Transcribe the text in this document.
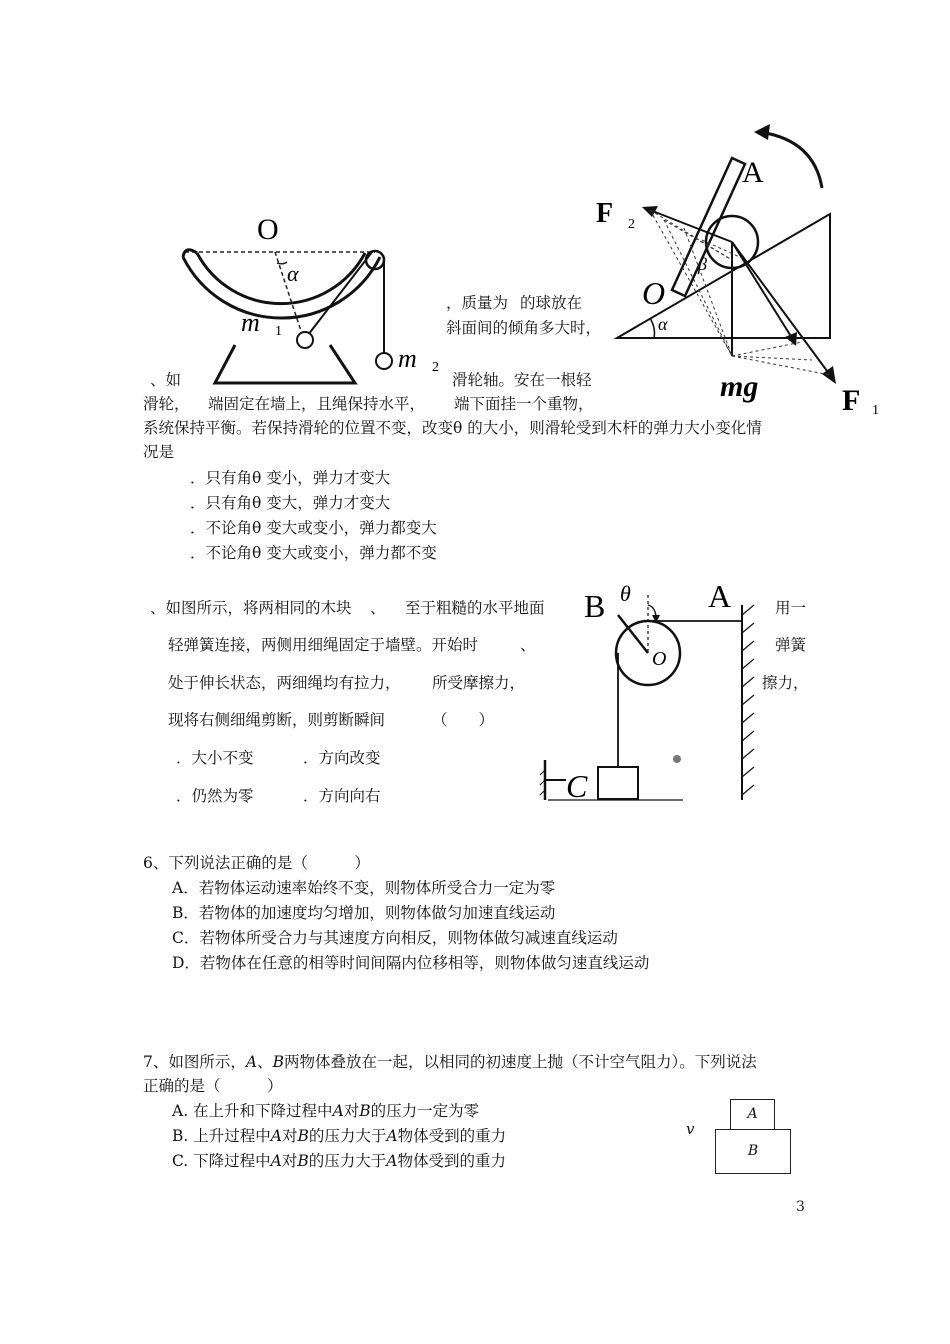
O
α
m 1
m 2
A
F 2
O
β
α
mg	F 1
，质量为 的球放在
斜面间的倾角多大时，
、如	滑轮轴。安在一根轻
滑轮， 端固定在墙上，且绳保持水平， 端下面挂一个重物，
系统保持平衡。若保持滑轮的位置不变，改变θ 的大小，则滑轮受到木杆的弹力大小变化情
况是
．只有角θ 变小，弹力才变大
．只有角θ 变大，弹力才变大
．不论角θ 变大或变小，弹力都变大
．不论角θ 变大或变小，弹力都不变
B θ A
O
C
、如图所示，将两相同的木块 、 至于粗糙的水平地面	用一
轻弹簧连接，两侧用细绳固定于墙壁。开始时	、	弹簧
处于伸长状态，两细绳均有拉力， 所受摩擦力，	擦力，
现将右侧细绳剪断，则剪断瞬间	（　　）
．大小不变	．方向改变
．仍然为零	．方向向右
6、下列说法正确的是（　　　）
A．若物体运动速率始终不变，则物体所受合力一定为零
B．若物体的加速度均匀增加，则物体做匀加速直线运动
C．若物体所受合力与其速度方向相反，则物体做匀减速直线运动
D．若物体在任意的相等时间间隔内位移相等，则物体做匀速直线运动
7、如图所示，A、B两物体叠放在一起，以相同的初速度上抛（不计空气阻力）。下列说法
正确的是（　　　）
A. 在上升和下降过程中A对B的压力一定为零
B. 上升过程中A对B的压力大于A物体受到的重力
C. 下降过程中A对B的压力大于A物体受到的重力
v
A
B
3
